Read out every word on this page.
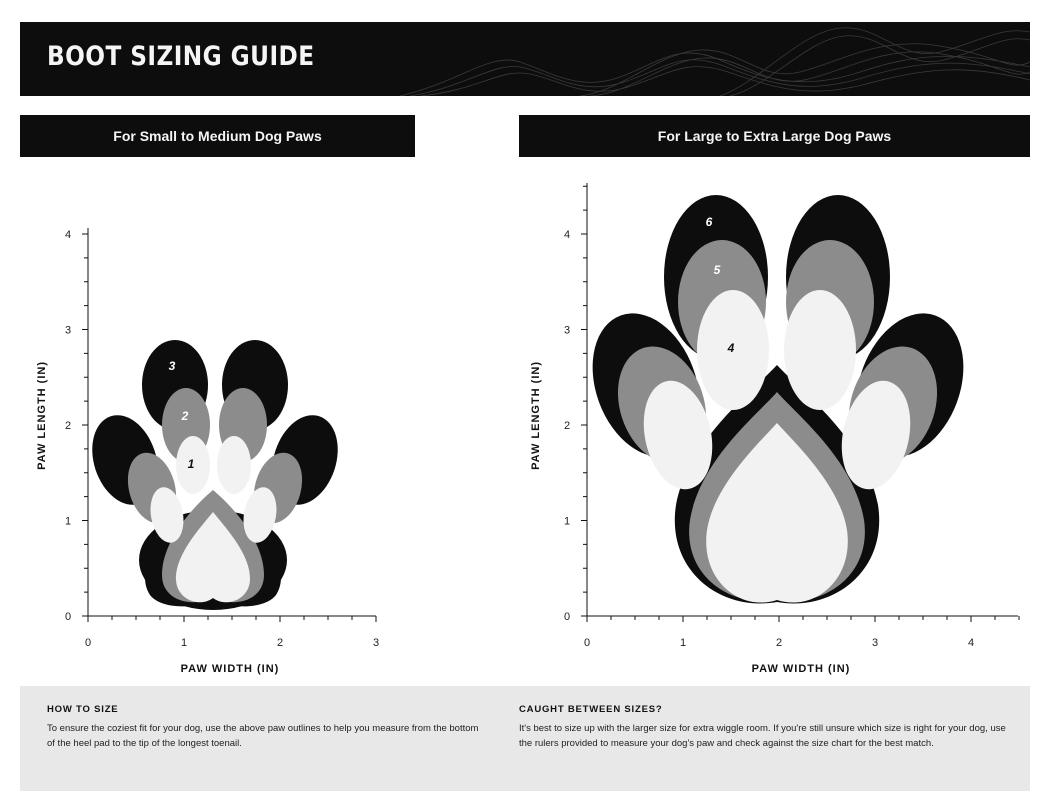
BOOT SIZING GUIDE
For Small to Medium Dog Paws	For Large to Extra Large Dog Paws
0	1	2	3
0
1
2
3
4
PAW WIDTH (IN)
PAW LENGTH (IN)	3
2
1
0	1	2	3	4
0
1
2
3
4
PAW WIDTH (IN)
PAW LENGTH (IN)
6
5
4
HOW TO SIZE

To ensure the coziest fit for your dog, use the above paw outlines to help you measure from the bottom of the heel pad to the tip of the longest toenail.

CAUGHT BETWEEN SIZES?

It's best to size up with the larger size for extra wiggle room. If you're still unsure which size is right for your dog, use the rulers provided to measure your dog's paw and check against the size chart for the best match.
